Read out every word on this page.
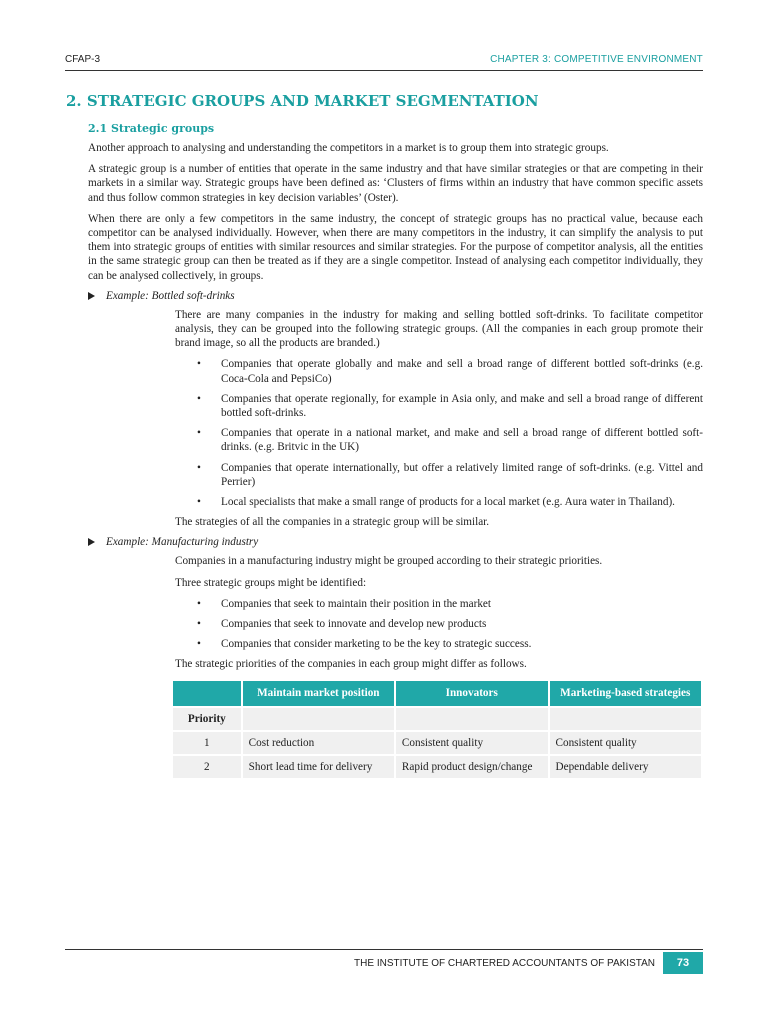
CFAP-3	CHAPTER 3: COMPETITIVE ENVIRONMENT
2. STRATEGIC GROUPS AND MARKET SEGMENTATION
2.1 Strategic groups

Another approach to analysing and understanding the competitors in a market is to group them into strategic groups.

A strategic group is a number of entities that operate in the same industry and that have similar strategies or that are competing in their markets in a similar way. Strategic groups have been defined as: ‘Clusters of firms within an industry that have common specific assets and thus follow common strategies in key decision variables’ (Oster).

When there are only a few competitors in the same industry, the concept of strategic groups has no practical value, because each competitor can be analysed individually. However, when there are many competitors in the industry, it can simplify the analysis to put them into strategic groups of entities with similar resources and similar strategies. For the purpose of competitor analysis, all the entities in the same strategic group can then be treated as if they are a single competitor. Instead of analysing each competitor individually, they can be analysed collectively, in groups.

Example: Bottled soft-drinks

There are many companies in the industry for making and selling bottled soft-drinks. To facilitate competitor analysis, they can be grouped into the following strategic groups. (All the companies in each group promote their brand image, so all the products are branded.)

• Companies that operate globally and make and sell a broad range of different bottled soft-drinks (e.g. Coca-Cola and PepsiCo)
• Companies that operate regionally, for example in Asia only, and make and sell a broad range of different bottled soft-drinks.
• Companies that operate in a national market, and make and sell a broad range of different bottled soft-drinks. (e.g. Britvic in the UK)
• Companies that operate internationally, but offer a relatively limited range of soft-drinks. (e.g. Vittel and Perrier)
• Local specialists that make a small range of products for a local market (e.g. Aura water in Thailand).

The strategies of all the companies in a strategic group will be similar.

Example: Manufacturing industry

Companies in a manufacturing industry might be grouped according to their strategic priorities.

Three strategic groups might be identified:

• Companies that seek to maintain their position in the market
• Companies that seek to innovate and develop new products
• Companies that consider marketing to be the key to strategic success.

The strategic priorities of the companies in each group might differ as follows.

	Maintain market position	Innovators	Marketing-based strategies
Priority			
1	Cost reduction	Consistent quality	Consistent quality
2	Short lead time for delivery	Rapid product design/change	Dependable delivery
THE INSTITUTE OF CHARTERED ACCOUNTANTS OF PAKISTAN	73
